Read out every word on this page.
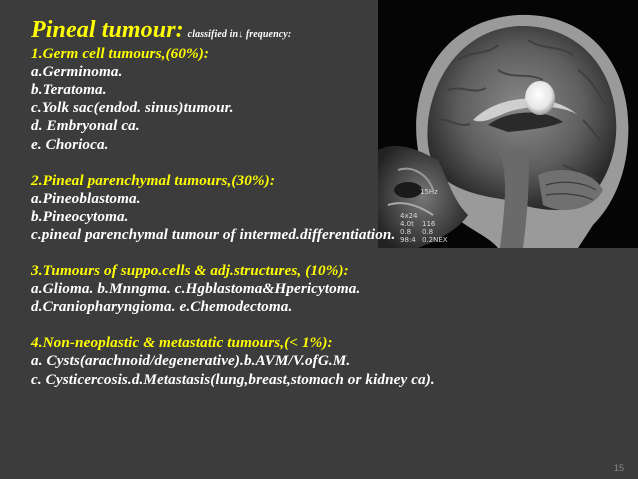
15Hz
4x24
4.0t
0.8
98:4
116
0.8
0.2NEX
Pineal tumour: classified in↓ frequency:
1.Germ cell tumours,(60%):
a.Germinoma.
b.Teratoma.
c.Yolk sac(endod. sinus)tumour.
d. Embryonal ca.
e. Chorioca.
2.Pineal parenchymal tumours,(30%):
a.Pineoblastoma.
b.Pineocytoma.
c.pineal parenchymal tumour of intermed.differentiation.
3.Tumours of suppo.cells & adj.structures, (10%):
a.Glioma. b.Mnngma. c.Hgblastoma&Hpericytoma.
d.Craniopharyngioma. e.Chemodectoma.
4.Non-neoplastic & metastatic tumours,(< 1%):
a. Cysts(arachnoid/degenerative).b.AVM/V.ofG.M.
c. Cysticercosis.d.Metastasis(lung,breast,stomach or kidney ca).
15
